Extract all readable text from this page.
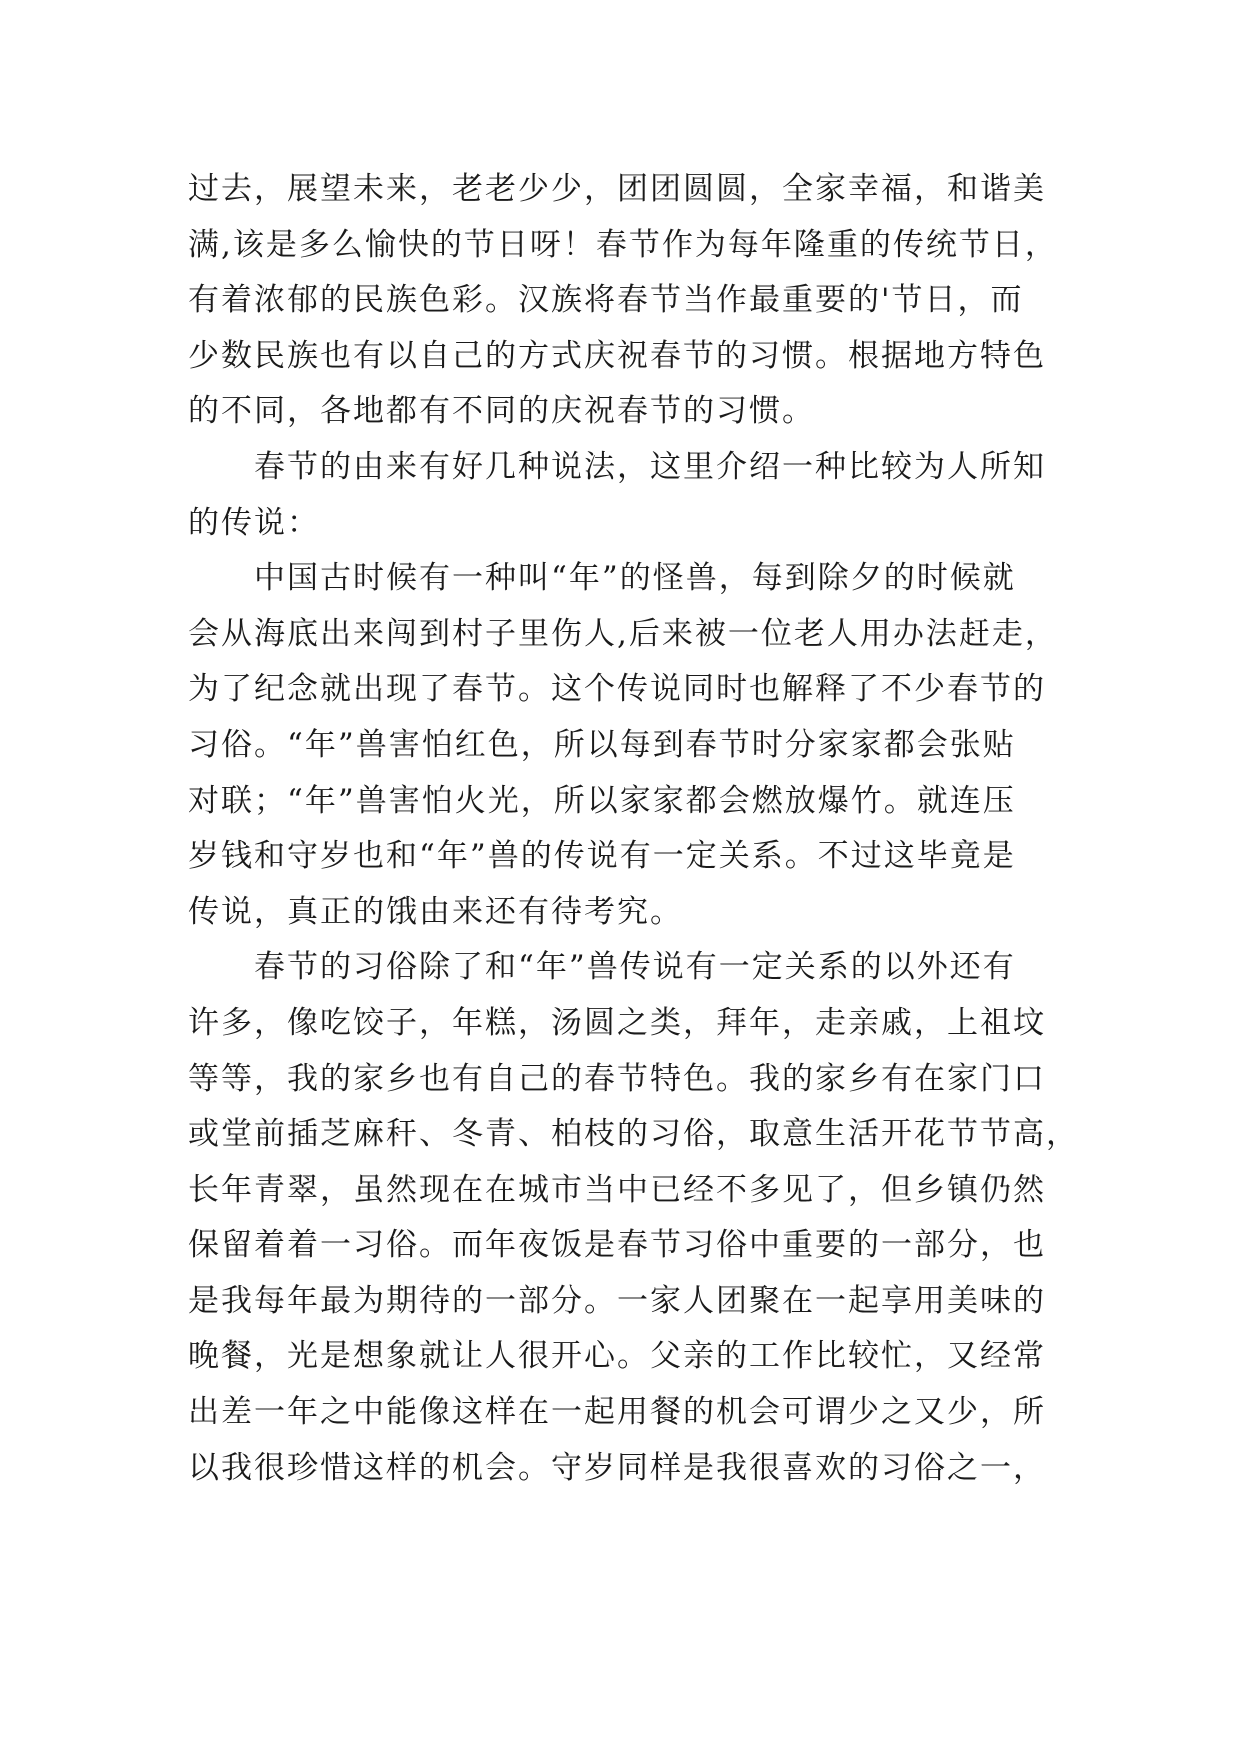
过去，展望未来，老老少少，团团圆圆，全家幸福，和谐美
满,该是多么愉快的节日呀！春节作为每年隆重的传统节日，
有着浓郁的民族色彩。汉族将春节当作最重要的'节日，而
少数民族也有以自己的方式庆祝春节的习惯。根据地方特色
的不同，各地都有不同的庆祝春节的习惯。
春节的由来有好几种说法，这里介绍一种比较为人所知
的传说：
中国古时候有一种叫“年”的怪兽，每到除夕的时候就
会从海底出来闯到村子里伤人,后来被一位老人用办法赶走，
为了纪念就出现了春节。这个传说同时也解释了不少春节的
习俗。“年”兽害怕红色，所以每到春节时分家家都会张贴
对联；“年”兽害怕火光，所以家家都会燃放爆竹。就连压
岁钱和守岁也和“年”兽的传说有一定关系。不过这毕竟是
传说，真正的饿由来还有待考究。
春节的习俗除了和“年”兽传说有一定关系的以外还有
许多，像吃饺子，年糕，汤圆之类，拜年，走亲戚，上祖坟
等等，我的家乡也有自己的春节特色。我的家乡有在家门口
或堂前插芝麻秆、冬青、柏枝的习俗，取意生活开花节节高，
长年青翠，虽然现在在城市当中已经不多见了，但乡镇仍然
保留着着一习俗。而年夜饭是春节习俗中重要的一部分，也
是我每年最为期待的一部分。一家人团聚在一起享用美味的
晚餐，光是想象就让人很开心。父亲的工作比较忙，又经常
出差一年之中能像这样在一起用餐的机会可谓少之又少，所
以我很珍惜这样的机会。守岁同样是我很喜欢的习俗之一，
